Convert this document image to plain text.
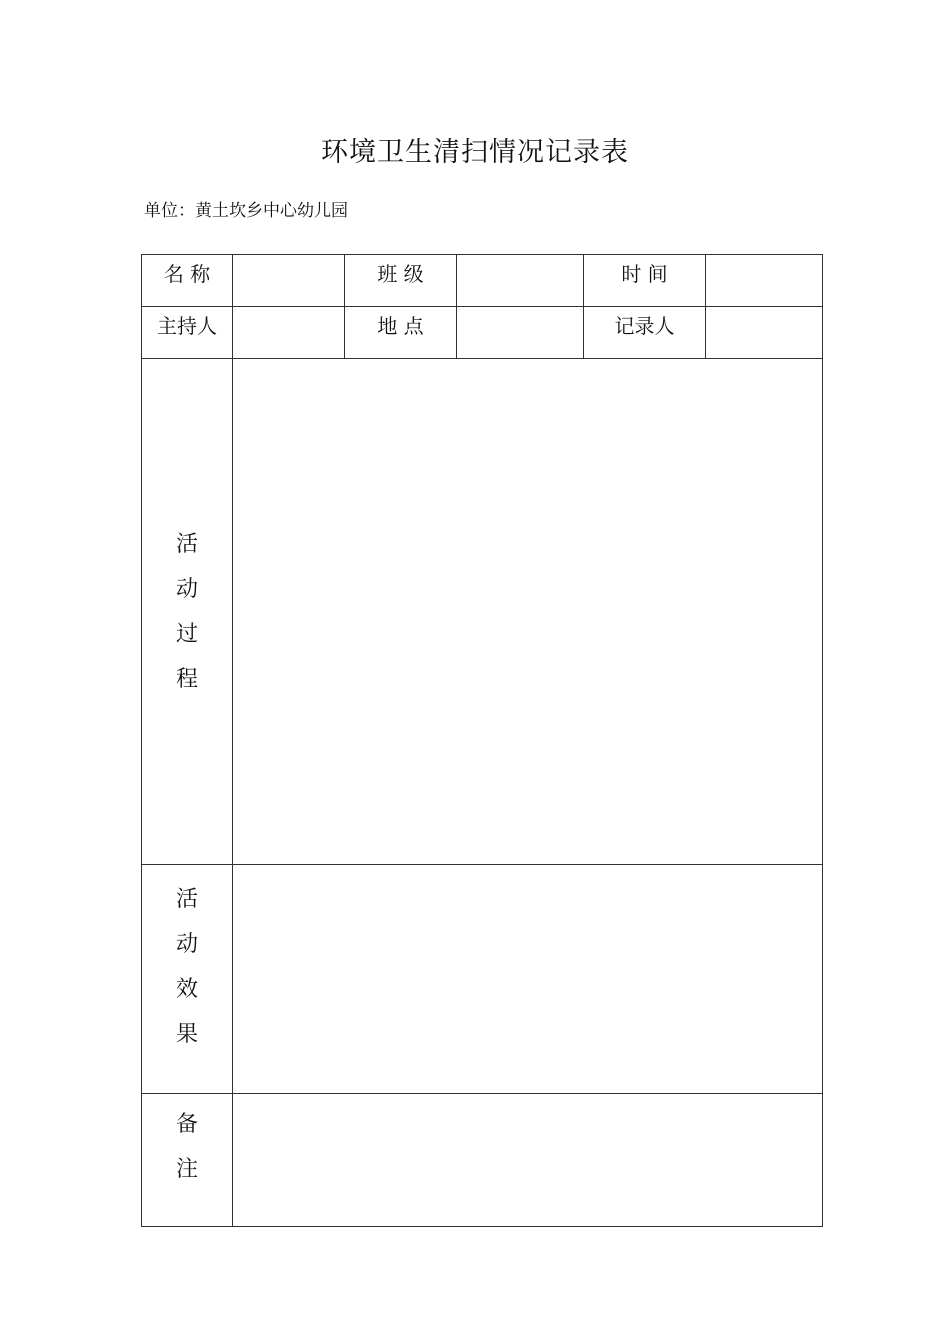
环境卫生清扫情况记录表
单位：黄土坎乡中心幼儿园
名 称		班 级		时 间	
主持人		地 点		记录人	

活
动
过
程					

活
动
效
果					

备
注					
